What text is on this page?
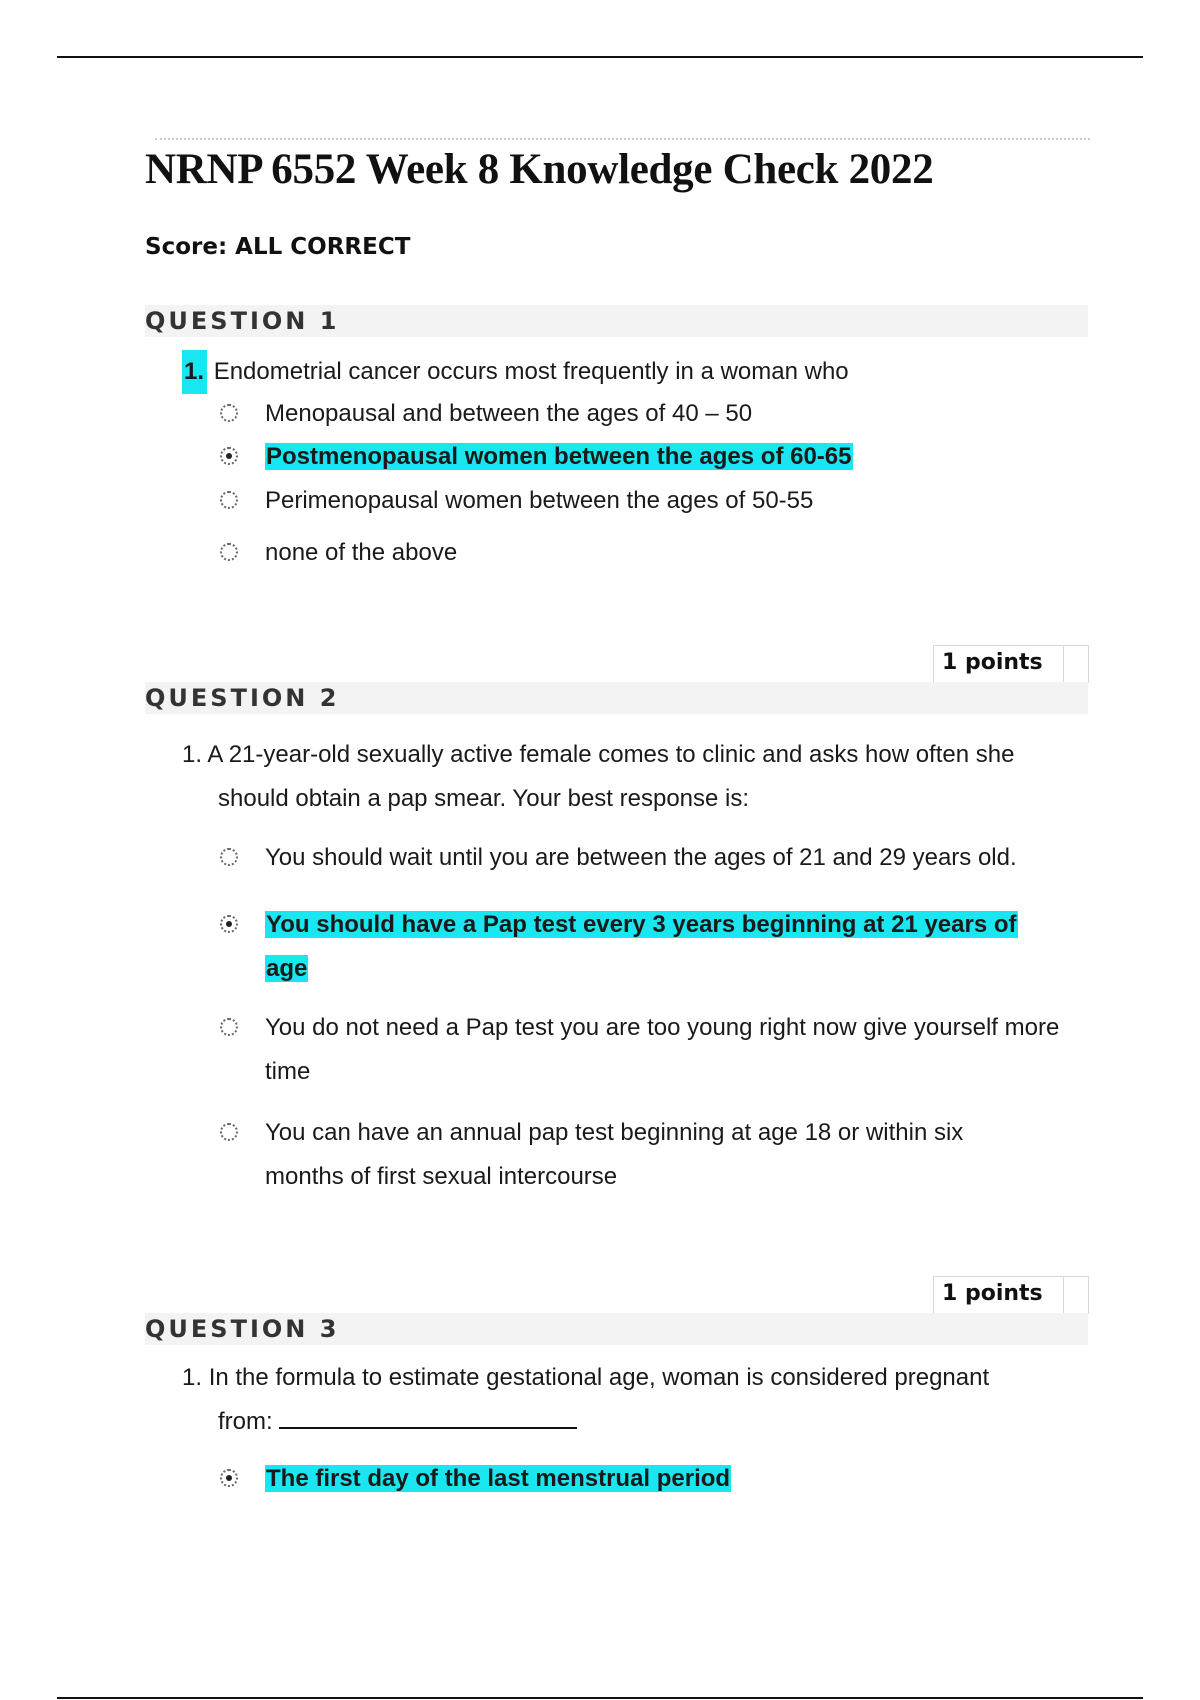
NRNP 6552 Week 8 Knowledge Check 2022
Score: ALL CORRECT
QUESTION 1
1. Endometrial cancer occurs most frequently in a woman who
Menopausal and between the ages of 40 – 50
Postmenopausal women between the ages of 60-65
Perimenopausal women between the ages of 50-55
none of the above
1 points
QUESTION 2
1. A 21-year-old sexually active female comes to clinic and asks how often she
should obtain a pap smear. Your best response is:
You should wait until you are between the ages of 21 and 29 years old.
You should have a Pap test every 3 years beginning at 21 years of age
You do not need a Pap test you are too young right now give yourself more time
You can have an annual pap test beginning at age 18 or within six months of first sexual intercourse
1 points
QUESTION 3
1. In the formula to estimate gestational age, woman is considered pregnant
from:
The first day of the last menstrual period
